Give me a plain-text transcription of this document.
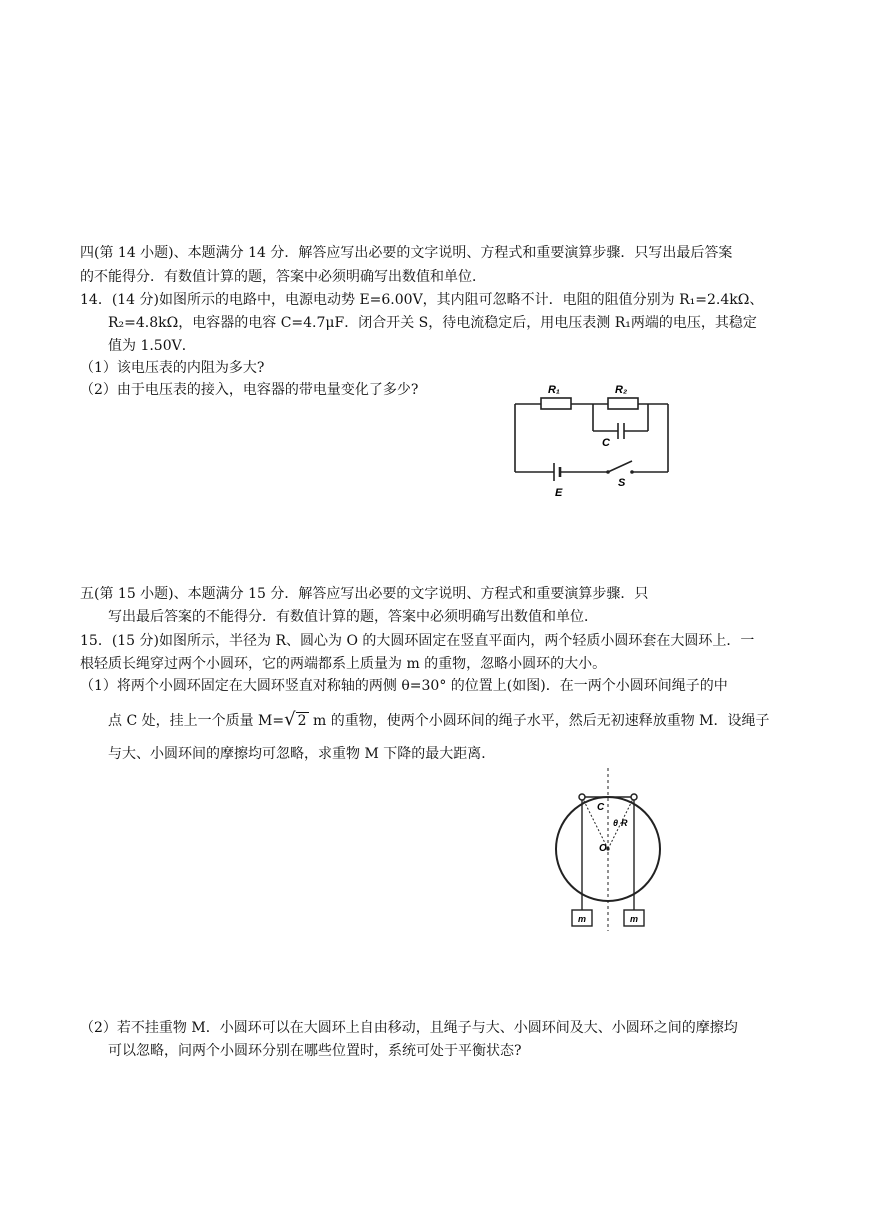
四(第 14 小题)、本题满分 14 分．解答应写出必要的文字说明、方程式和重要演算步骤．只写出最后答案
的不能得分．有数值计算的题，答案中必须明确写出数值和单位．
14．(14 分)如图所示的电路中，电源电动势 E=6.00V，其内阻可忽略不计．电阻的阻值分别为 R₁=2.4kΩ、
R₂=4.8kΩ，电容器的电容 C=4.7μF．闭合开关 S，待电流稳定后，用电压表测 R₁两端的电压，其稳定
值为 1.50V．
（1）该电压表的内阻为多大?
（2）由于电压表的接入，电容器的带电量变化了多少?	R₁	R₂
C
E
S
五(第 15 小题)、本题满分 15 分．解答应写出必要的文字说明、方程式和重要演算步骤．只
写出最后答案的不能得分．有数值计算的题，答案中必须明确写出数值和单位．
15．(15 分)如图所示，半径为 R、圆心为 O 的大圆环固定在竖直平面内，两个轻质小圆环套在大圆环上．一
根轻质长绳穿过两个小圆环，它的两端都系上质量为 m 的重物，忽略小圆环的大小。
（1）将两个小圆环固定在大圆环竖直对称轴的两侧 θ=30° 的位置上(如图)．在一两个小圆环间绳子的中
点 C 处，挂上一个质量 M=√ 2 m 的重物，使两个小圆环间的绳子水平，然后无初速释放重物 M．设绳子
与大、小圆环间的摩擦均可忽略，求重物 M 下降的最大距离．
C
θ R
O
m	m
（2）若不挂重物 M．小圆环可以在大圆环上自由移动，且绳子与大、小圆环间及大、小圆环之间的摩擦均
可以忽略，问两个小圆环分别在哪些位置时，系统可处于平衡状态?
